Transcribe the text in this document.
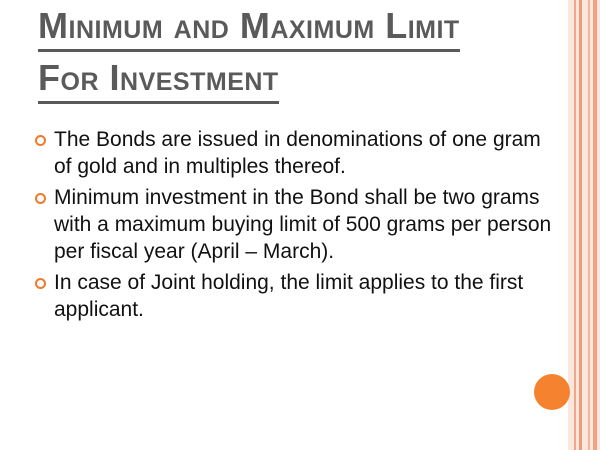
Minimum and Maximum Limit
For Investment
The Bonds are issued in denominations of one gram of gold and in multiples thereof.
Minimum investment in the Bond shall be two grams with a maximum buying limit of 500 grams per person per fiscal year (April – March).
In case of Joint holding, the limit applies to the first applicant.
